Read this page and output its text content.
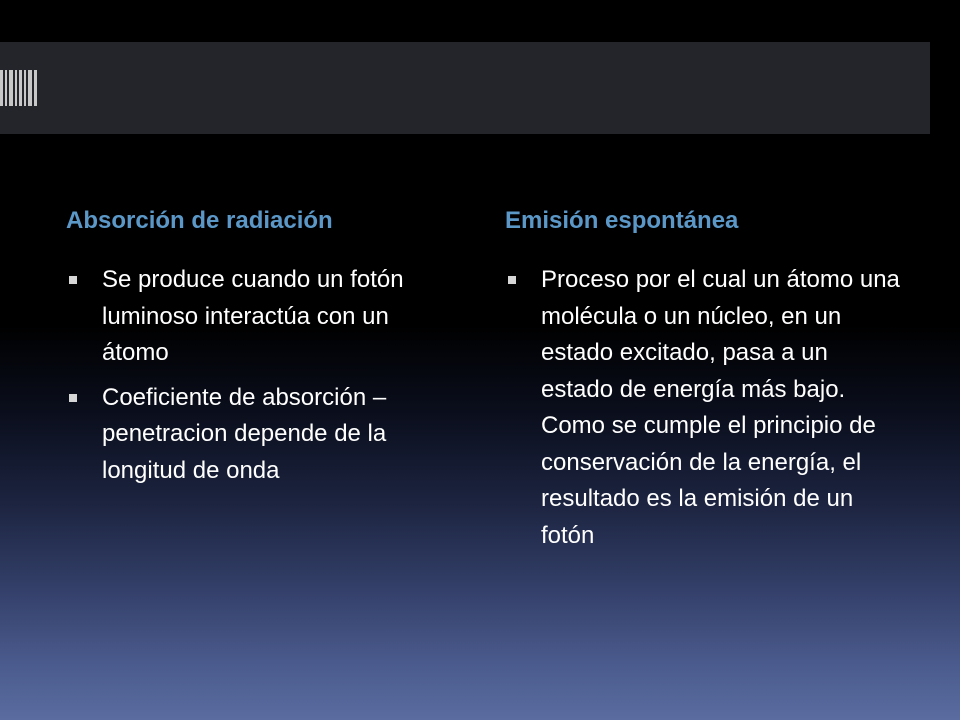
Absorción de radiación
Se produce cuando un fotón luminoso interactúa con un átomo
Coeficiente de absorción – penetracion depende de la longitud de onda
Emisión espontánea
Proceso por el cual un átomo una molécula o un núcleo, en un estado excitado, pasa a un estado de energía más bajo. Como se cumple el principio de conservación de la energía, el resultado es la emisión de un fotón
